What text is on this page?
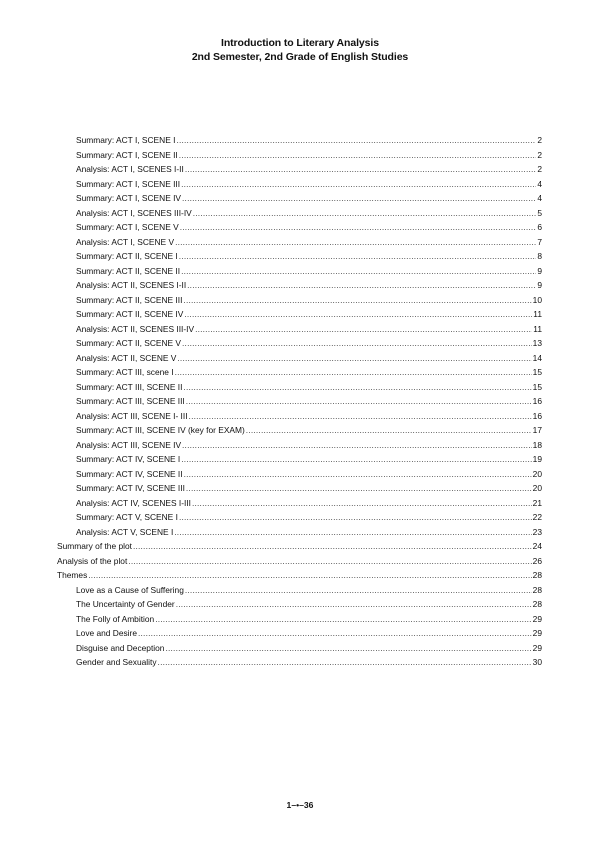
Introduction to Literary Analysis
2nd Semester, 2nd Grade of English Studies
Summary: ACT I, SCENE I .....	2
Summary: ACT I, SCENE II .....	2
Analysis: ACT I, SCENES I-II .....	2
Summary: ACT I, SCENE III .....	4
Summary: ACT I, SCENE IV .....	4
Analysis: ACT I, SCENES III-IV .....	5
Summary: ACT I, SCENE V .....	6
Analysis: ACT I, SCENE V .....	7
Summary: ACT II, SCENE I .....	8
Summary: ACT II, SCENE II .....	9
Analysis: ACT II, SCENES I-II .....	9
Summary: ACT II, SCENE III .....	10
Summary: ACT II, SCENE IV .....	11
Analysis: ACT II, SCENES III-IV .....	11
Summary: ACT II, SCENE V .....	13
Analysis: ACT II, SCENE V .....	14
Summary: ACT III, scene I .....	15
Summary: ACT III, SCENE II .....	15
Summary: ACT III, SCENE III .....	16
Analysis: ACT III, SCENE I- III .....	16
Summary: ACT III, SCENE IV (key for EXAM) .....	17
Analysis: ACT III, SCENE IV .....	18
Summary: ACT IV, SCENE I .....	19
Summary: ACT IV, SCENE II .....	20
Summary: ACT IV, SCENE III .....	20
Analysis: ACT IV, SCENES I-III .....	21
Summary: ACT V, SCENE I .....	22
Analysis: ACT V, SCENE I .....	23
Summary of the plot .....	24
Analysis of the plot .....	26
Themes .....	28
Love as a Cause of Suffering .....	28
The Uncertainty of Gender .....	28
The Folly of Ambition .....	29
Love and Desire .....	29
Disguise and Deception .....	29
Gender and Sexuality .....	30
1–•–36
